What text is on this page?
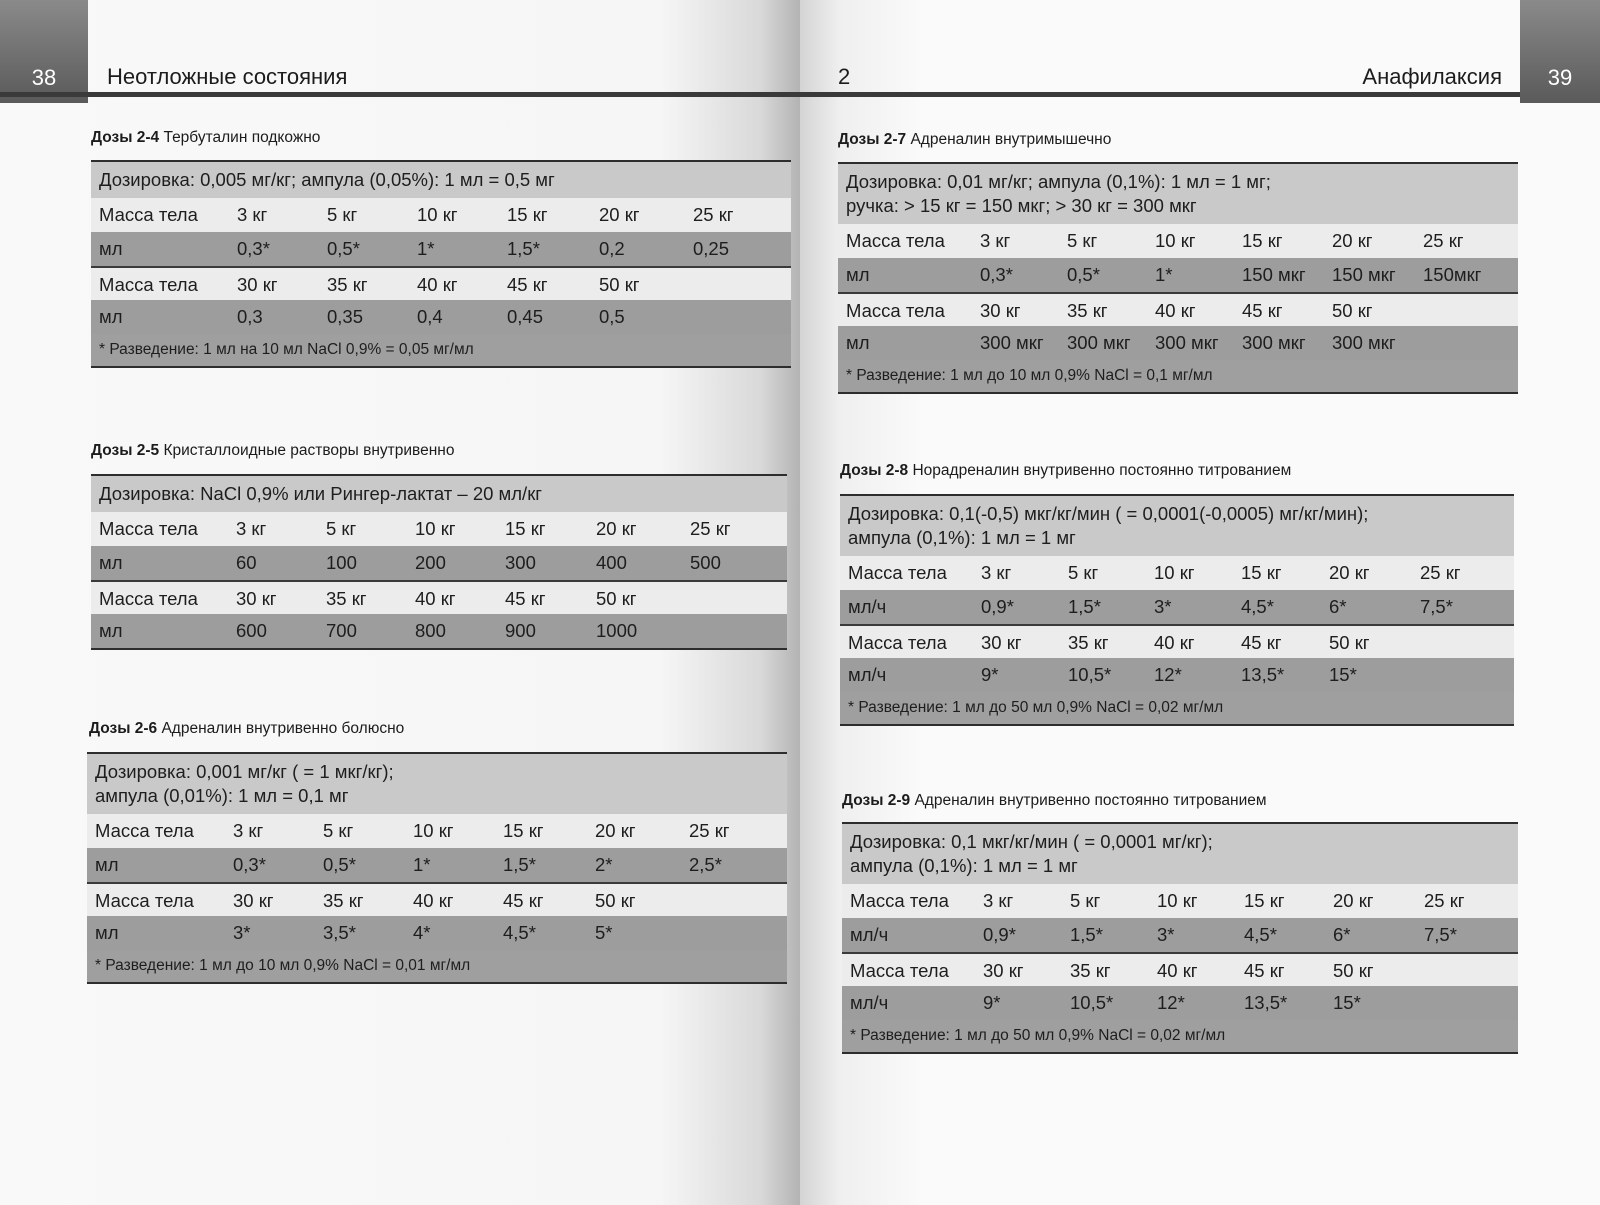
38	Неотложные состояния
Дозы 2-4 Тербуталин подкожно
Дозировка: 0,005 мг/кг; ампула (0,05%): 1 мл = 0,5 мг
Масса тела 3 кг	5 кг	10 кг	15 кг	20 кг	25 кг
мл	0,3*	0,5*	1*	1,5*	0,2	0,25
Масса тела 30 кг	35 кг	40 кг	45 кг	50 кг
мл	0,3	0,35	0,4	0,45	0,5
* Разведение: 1 мл на 10 мл NaCl 0,9% = 0,05 мг/мл
Дозы 2-5 Кристаллоидные растворы внутривенно
Дозировка: NaCl 0,9% или Рингер-лактат – 20 мл/кг
Масса тела 3 кг	5 кг	10 кг	15 кг	20 кг	25 кг
мл	60	100	200	300	400	500
Масса тела 30 кг	35 кг	40 кг	45 кг	50 кг
мл	600	700	800	900	1000
Дозы 2-6 Адреналин внутривенно болюсно
Дозировка: 0,001 мг/кг ( = 1 мкг/кг);
ампула (0,01%): 1 мл = 0,1 мг
Масса тела 3 кг	5 кг	10 кг	15 кг	20 кг	25 кг
мл	0,3*	0,5*	1*	1,5*	2*	2,5*
Масса тела 30 кг	35 кг	40 кг	45 кг	50 кг
мл	3*	3,5*	4*	4,5*	5*
* Разведение: 1 мл до 10 мл 0,9% NaCl = 0,01 мг/мл
2	Анафилаксия	39
Дозы 2-7 Адреналин внутримышечно
Дозировка: 0,01 мг/кг; ампула (0,1%): 1 мл = 1 мг;
ручка: > 15 кг = 150 мкг; > 30 кг = 300 мкг
Масса тела 3 кг	5 кг	10 кг	15 кг	20 кг	25 кг
мл	0,3*	0,5*	1*	150 мкг 150 мкг 150мкг
Масса тела 30 кг	35 кг	40 кг	45 кг	50 кг
мл	300 мкг 300 мкг 300 мкг 300 мкг 300 мкг
* Разведение: 1 мл до 10 мл 0,9% NaCl = 0,1 мг/мл
Дозы 2-8 Норадреналин внутривенно постоянно титрованием
Дозировка: 0,1(-0,5) мкг/кг/мин ( = 0,0001(-0,0005) мг/кг/мин);
ампула (0,1%): 1 мл = 1 мг
Масса тела 3 кг	5 кг	10 кг	15 кг	20 кг	25 кг
мл/ч	0,9*	1,5*	3*	4,5*	6*	7,5*
Масса тела 30 кг	35 кг 40 кг	45 кг	50 кг
мл/ч	9*	10,5* 12*	13,5* 15*
* Разведение: 1 мл до 50 мл 0,9% NaCl = 0,02 мг/мл
Дозы 2-9 Адреналин внутривенно постоянно титрованием
Дозировка: 0,1 мкг/кг/мин ( = 0,0001 мг/кг);
ампула (0,1%): 1 мл = 1 мг
Масса тела 3 кг	5 кг	10 кг	15 кг	20 кг	25 кг
мл/ч	0,9*	1,5*	3*	4,5*	6*	7,5*
Масса тела 30 кг	35 кг	40 кг	45 кг	50 кг
мл/ч	9*	10,5* 12*	13,5* 15*
* Разведение: 1 мл до 50 мл 0,9% NaCl = 0,02 мг/мл
